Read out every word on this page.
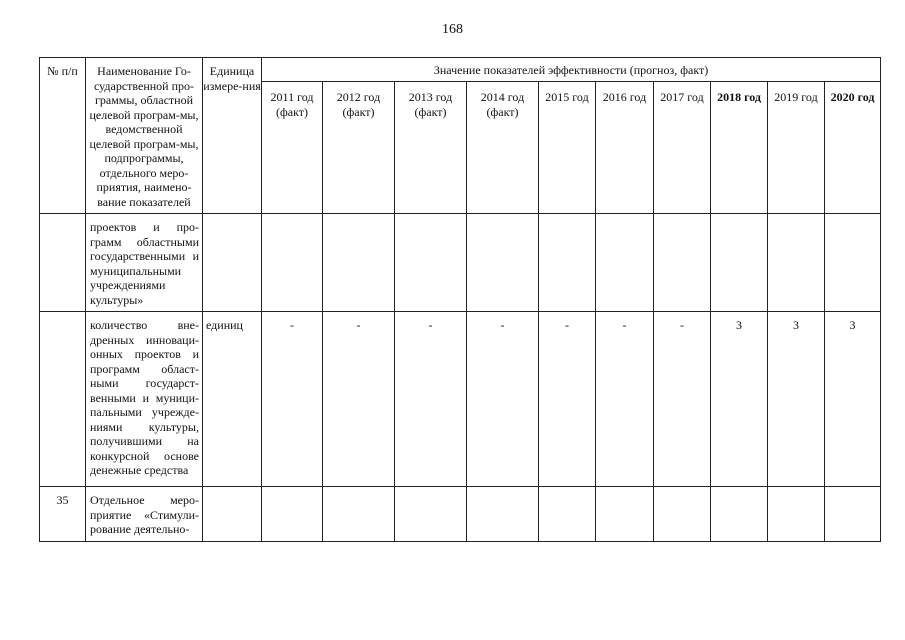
168
№ п/п	Наименование Го-сударственной про-граммы, областной целевой програм-мы, ведомственной целевой програм-мы, подпрограммы, отдельного меро-приятия, наимено-вание показателей	Единица измере-ния	Значение показателей эффективности (прогноз, факт)									
			2011 год (факт)	2012 год (факт)	2013 год (факт)	2014 год (факт)	2015 год	2016 год	2017 год	2018 год	2019 год	2020 год
	проектов и про-грамм областными государственными и муниципальными учреждениями культуры»											
	количество вне-дренных инноваци-онных проектов и программ област-ными государст-венными и муници-пальными учрежде-ниями культуры, получившими на конкурсной основе денежные средства	единиц	-	-	-	-	-	-	-	3	3	3
35	Отдельное меро-приятие «Стимули-рование деятельно-											
